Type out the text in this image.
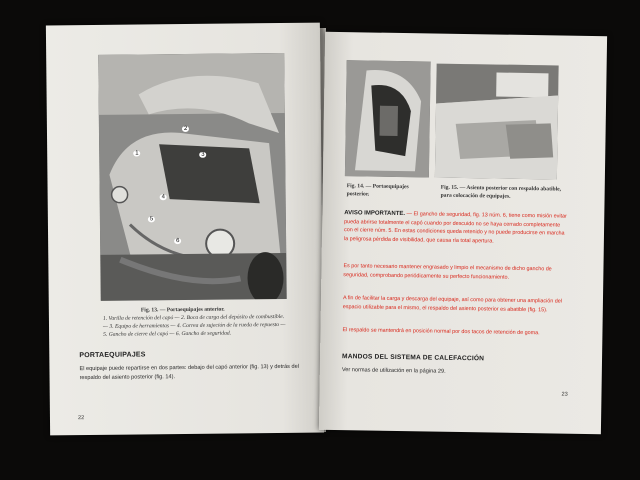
1
2
3
4
5
6
Fig. 13. — Portaequipajes anterior.
1. Varilla de retención del capó — 2. Boca de carga del depósito de combustible. — 3. Equipo de herramientas — 4. Correa de sujeción de la rueda de repuesto — 5. Gancho de cierre del capó — 6. Gancho de seguridad.
PORTAEQUIPAJES
El equipaje puede repartirse en dos partes: debajo del capó anterior (fig. 13) y detrás del respaldo del asiento posterior (fig. 14).
22
Fig. 14. — Portaequipajes posterior.
Fig. 15. — Asiento posterior con respaldo abatible, para colocación de equipajes.
AVISO IMPORTANTE. — El gancho de seguridad, fig. 13 núm. 6, tiene como misión evitar pueda abrirse totalmente el capó cuando por descuido no se haya cerrado completamente con el cierre núm. 5. En estas condiciones queda retenido y no puede producirse en marcha la peligrosa pérdida de visibilidad, que causa ría total apertura.
Es por tanto necesario mantener engrasado y limpio el mecanismo de dicho gancho de seguridad, comprobando periódicamente su perfecto funcionamiento.
A fin de facilitar la carga y descarga del equipaje, así como para obtener una ampliación del espacio utilizable para el mismo, el respaldo del asiento posterior es abatible (fig. 15).
El respaldo se mantendrá en posición normal por dos tacos de retención de goma.
MANDOS DEL SISTEMA DE CALEFACCIÓN
Ver normas de utilización en la página 29.
23
